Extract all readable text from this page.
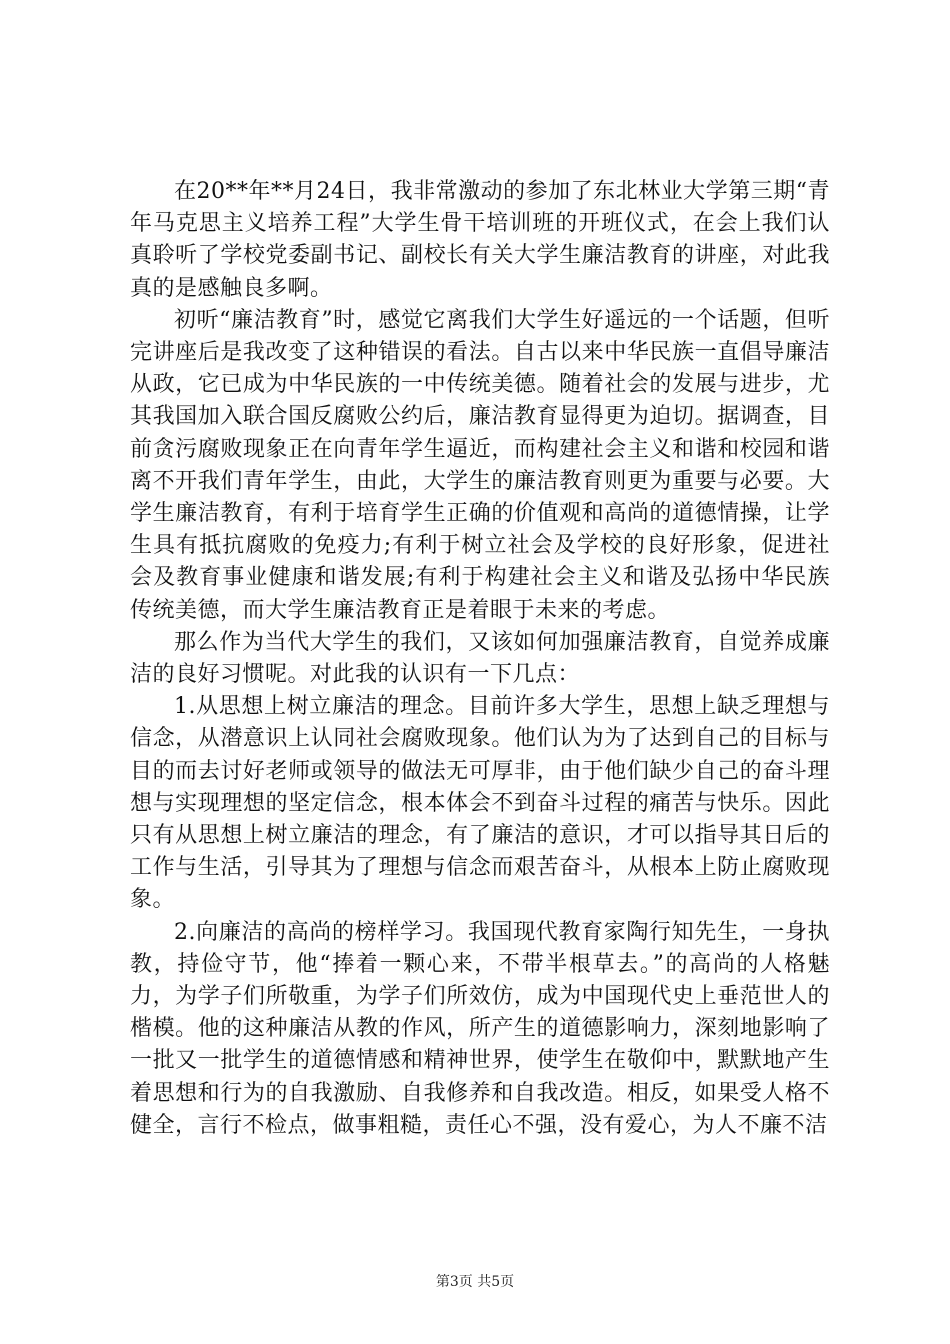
在20**年**月24日，我非常激动的参加了东北林业大学第三期“青年马克思主义培养工程”大学生骨干培训班的开班仪式，在会上我们认真聆听了学校党委副书记、副校长有关大学生廉洁教育的讲座，对此我真的是感触良多啊。

初听“廉洁教育”时，感觉它离我们大学生好遥远的一个话题，但听完讲座后是我改变了这种错误的看法。自古以来中华民族一直倡导廉洁从政，它已成为中华民族的一中传统美德。随着社会的发展与进步，尤其我国加入联合国反腐败公约后，廉洁教育显得更为迫切。据调查，目前贪污腐败现象正在向青年学生逼近，而构建社会主义和谐和校园和谐离不开我们青年学生，由此，大学生的廉洁教育则更为重要与必要。大学生廉洁教育，有利于培育学生正确的价值观和高尚的道德情操，让学生具有抵抗腐败的免疫力;有利于树立社会及学校的良好形象，促进社会及教育事业健康和谐发展;有利于构建社会主义和谐及弘扬中华民族传统美德，而大学生廉洁教育正是着眼于未来的考虑。

那么作为当代大学生的我们，又该如何加强廉洁教育，自觉养成廉洁的良好习惯呢。对此我的认识有一下几点：

1.从思想上树立廉洁的理念。目前许多大学生，思想上缺乏理想与信念，从潜意识上认同社会腐败现象。他们认为为了达到自己的目标与目的而去讨好老师或领导的做法无可厚非，由于他们缺少自己的奋斗理想与实现理想的坚定信念，根本体会不到奋斗过程的痛苦与快乐。因此只有从思想上树立廉洁的理念，有了廉洁的意识，才可以指导其日后的工作与生活，引导其为了理想与信念而艰苦奋斗，从根本上防止腐败现象。

2.向廉洁的高尚的榜样学习。我国现代教育家陶行知先生，一身执教，持俭守节，他“捧着一颗心来，不带半根草去。”的高尚的人格魅力，为学子们所敬重，为学子们所效仿，成为中国现代史上垂范世人的楷模。他的这种廉洁从教的作风，所产生的道德影响力，深刻地影响了一批又一批学生的道德情感和精神世界，使学生在敬仰中，默默地产生着思想和行为的自我激励、自我修养和自我改造。相反，如果受人格不健全，言行不检点，做事粗糙，责任心不强，没有爱心，为人不廉不洁

第3页 共5页
